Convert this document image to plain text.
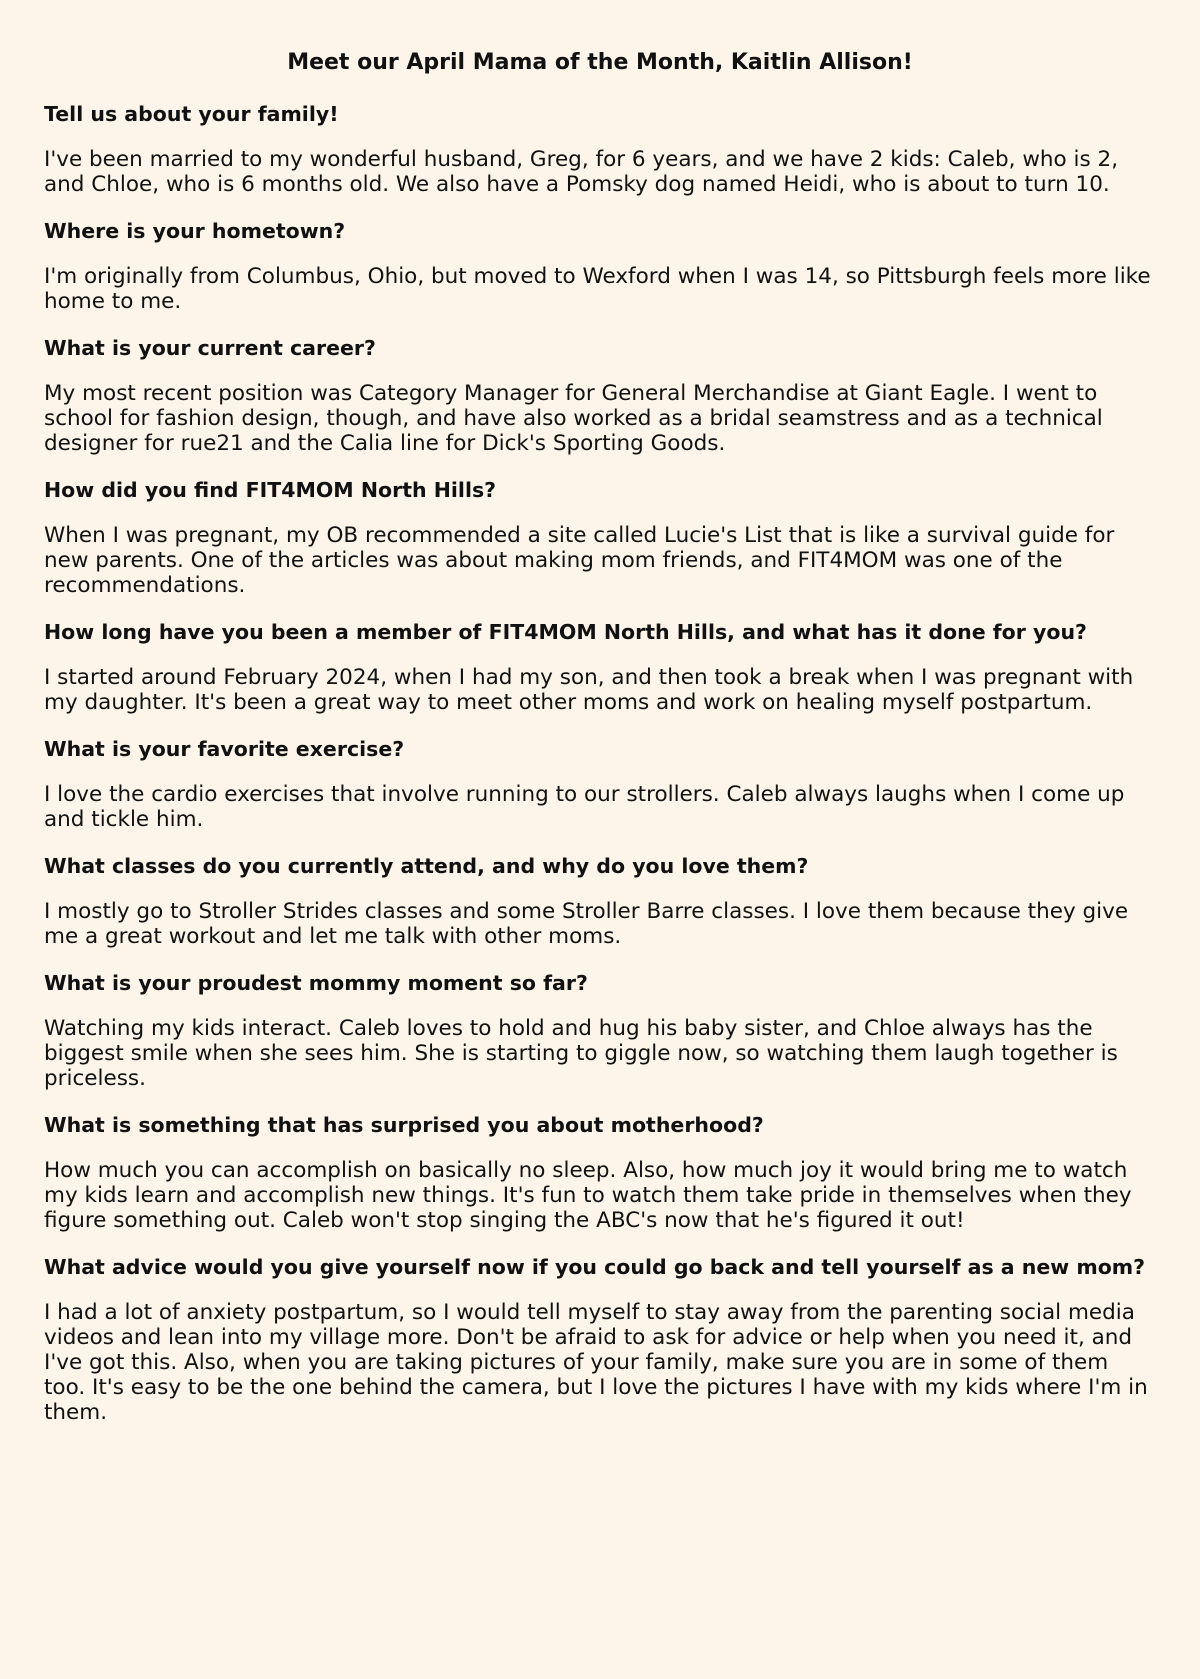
Meet our April Mama of the Month, Kaitlin Allison!
Tell us about your family!
I've been married to my wonderful husband, Greg, for 6 years, and we have 2 kids: Caleb, who is 2, and Chloe, who is 6 months old. We also have a Pomsky dog named Heidi, who is about to turn 10.
Where is your hometown?
I'm originally from Columbus, Ohio, but moved to Wexford when I was 14, so Pittsburgh feels more like home to me.
What is your current career?
My most recent position was Category Manager for General Merchandise at Giant Eagle. I went to school for fashion design, though, and have also worked as a bridal seamstress and as a technical designer for rue21 and the Calia line for Dick's Sporting Goods.
How did you find FIT4MOM North Hills?
When I was pregnant, my OB recommended a site called Lucie's List that is like a survival guide for new parents. One of the articles was about making mom friends, and FIT4MOM was one of the recommendations.
How long have you been a member of FIT4MOM North Hills, and what has it done for you?
I started around February 2024, when I had my son, and then took a break when I was pregnant with my daughter. It's been a great way to meet other moms and work on healing myself postpartum.
What is your favorite exercise?
I love the cardio exercises that involve running to our strollers. Caleb always laughs when I come up and tickle him.
What classes do you currently attend, and why do you love them?
I mostly go to Stroller Strides classes and some Stroller Barre classes. I love them because they give me a great workout and let me talk with other moms.
What is your proudest mommy moment so far?
Watching my kids interact. Caleb loves to hold and hug his baby sister, and Chloe always has the biggest smile when she sees him. She is starting to giggle now, so watching them laugh together is priceless.
What is something that has surprised you about motherhood?
How much you can accomplish on basically no sleep. Also, how much joy it would bring me to watch my kids learn and accomplish new things. It's fun to watch them take pride in themselves when they figure something out. Caleb won't stop singing the ABC's now that he's figured it out!
What advice would you give yourself now if you could go back and tell yourself as a new mom?
I had a lot of anxiety postpartum, so I would tell myself to stay away from the parenting social media videos and lean into my village more. Don't be afraid to ask for advice or help when you need it, and I've got this. Also, when you are taking pictures of your family, make sure you are in some of them too. It's easy to be the one behind the camera, but I love the pictures I have with my kids where I'm in them.
